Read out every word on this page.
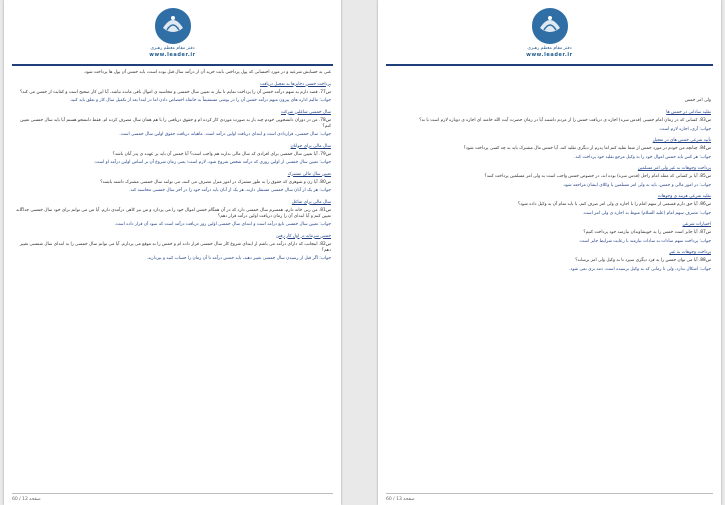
دفتر مقام معظم رهبری
www.leader.ir

غنی به حسابش شرعیه و در مورد احتسابی که پول پرداختی بابت خرید آن از درآمد سال قبل بوده است، باید خمس آن پول ها پرداخت شود.

پرداخت خمس ذخایرها به تعجیل دریافت

س77. قصد دارم به سهم درآمد خمس آن را پرداخت نمایم تا نیاز به تعیین سال خمسی و محاسبه ی اموال باقی مانده نباشد، آیا این کار صحیح است و کفایت از خمس می کند؟

جواب: مالیم اداره های پیرون مبهم درآمد خمس آن را در بوشی مستقیماً به خانقاه اختصاص دادن اما در ابتدا بعد از تکمیل سال کار و تعلق باید کنید.

سال خمسی شاغلین شرکت

س78. من در دوران دانشجویی خودم چند بار به صورت موردی کار کرده ام و حقوق دریافتی را با هم همان سال مصرف کرده ام. فقط دانشجو هستم آیا باید سال خمسی تعیین کنم؟

جواب: سال خمسی، فراردادی است و ابتدای دریافت اولین درآمد است. ماهیانه دریافت حقوق اولین سال خمسی است.

سال مالی برای جوانان

س79. آیا تعیین سال خمسی برای افرادی که سال مالی ندارند هم واجب است؟ آیا خمس آن باید بر عهده ی پدر آنان باشد؟

جواب: تعیین سال خمسی از اولین روزی که درآمد شخص شروع شود، لازم است؛ یعنی زمان شروع آن بر اساس اولین درآمد او است.

تعیین سال مالی مشترک

س80. آیا زن و شوهری که حقوق را به طور مشترک در امور منزل مصرف می کنند، می توانند سال خمسی مشترک داشته باشند؟

جواب: هر یک از آنان سال خمسی مستقل دارند، هر یک از آنان باید درآمد خود را در آخر سال خمسی محاسبه کند.

سال مالی برای شاغل

س81. من زنی خانه دارم، همسرم سال خمسی دارد که در آن همگام خمس اموال خود را می پردازد و من نیز کاهی درآمدی دارم. آیا من می توانم برای خود سال خمسی جداگانه تعیین کنم و آیا ابتدای آن را زمان دریافت اولین درآمد قرار دهم؟

جواب: تعیین سال خمسی تابع درآمد است و ابتدای سال خمسی اولین روز دریافت درآمد است که سود آن قرار داده است.

خمس سرمایه در اول کار رفتن

س82. اینجانب که دارای درآمد می باشم از ابتدای شروع کار سال خمسی قرار داده ام و خمس را به موقع می پردازم. آیا می توانم سال خمسی را به ابتدای سال شمسی تغییر دهم؟

جواب: اگر قبل از رسیدن سال خمسی تغییر دهید، باید خمس درآمد تا آن زمان را حساب کنید و بپردازید.

صفحه 12 / 60
دفتر مقام معظم رهبری
www.leader.ir
ولی امر خمس
تقلید ساداتی در خمس ها

س83. کسانی که در زمان امام خمینی (قدس سره) اجازه ی دریافت خمس را از مردم داشتند آیا در زمان حضرت آیت الله خامنه ای اجازه ی دوباره لازم است یا نه؟

جواب: آری، اجازه لازم است.

تأیید شرعی خمس های در تعجیل

س84. چنانچه من خودم در مورد خمس از شما تقلید کنم اما پدرم از دیگری تقلید کند، آیا خمس مال مشترک باید به چه کسی پرداخت شود؟

جواب: هر کس باید خمس اموال خود را به وکیل مرجع تقلید خود پرداخت کند.

پرداخت وجوهات به غیر ولی امر مسلمین

س85. آیا بر کسانی که مقلد امام راحل (قدس سره) بوده اند، در خصوص خمس واجب است به ولی امر مسلمین پرداخت کنند؟

جواب: در امور مالی و خمس، باید به ولی امر مسلمین یا وکلای ایشان مراجعه شود.

تقلید شرعی هزینه ی وجوهات

س86. آیا حق دارم قسمتی از سهم امام را با اجازه ی ولی امر صرف کنم، یا باید تمام آن به وکیل داده شود؟

جواب: مصرف سهم امام (علیه السلام) منوط به اجازه ی ولی امر است.

اختیارات شرعی

س87. آیا جایز است خمس را به خویشاوندان نیازمند خود پرداخت کنیم؟

جواب: پرداخت سهم سادات به سادات نیازمند با رعایت شرایط جایز است.

پرداخت وجوهات به غیر

س88. آیا می توان خمس را به فرد دیگری سپرد تا به وکیل ولی امر برساند؟

جواب: اشکال ندارد، ولی تا زمانی که به وکیل نرسیده است، ذمه بری نمی شود.

صفحه 13 / 60
